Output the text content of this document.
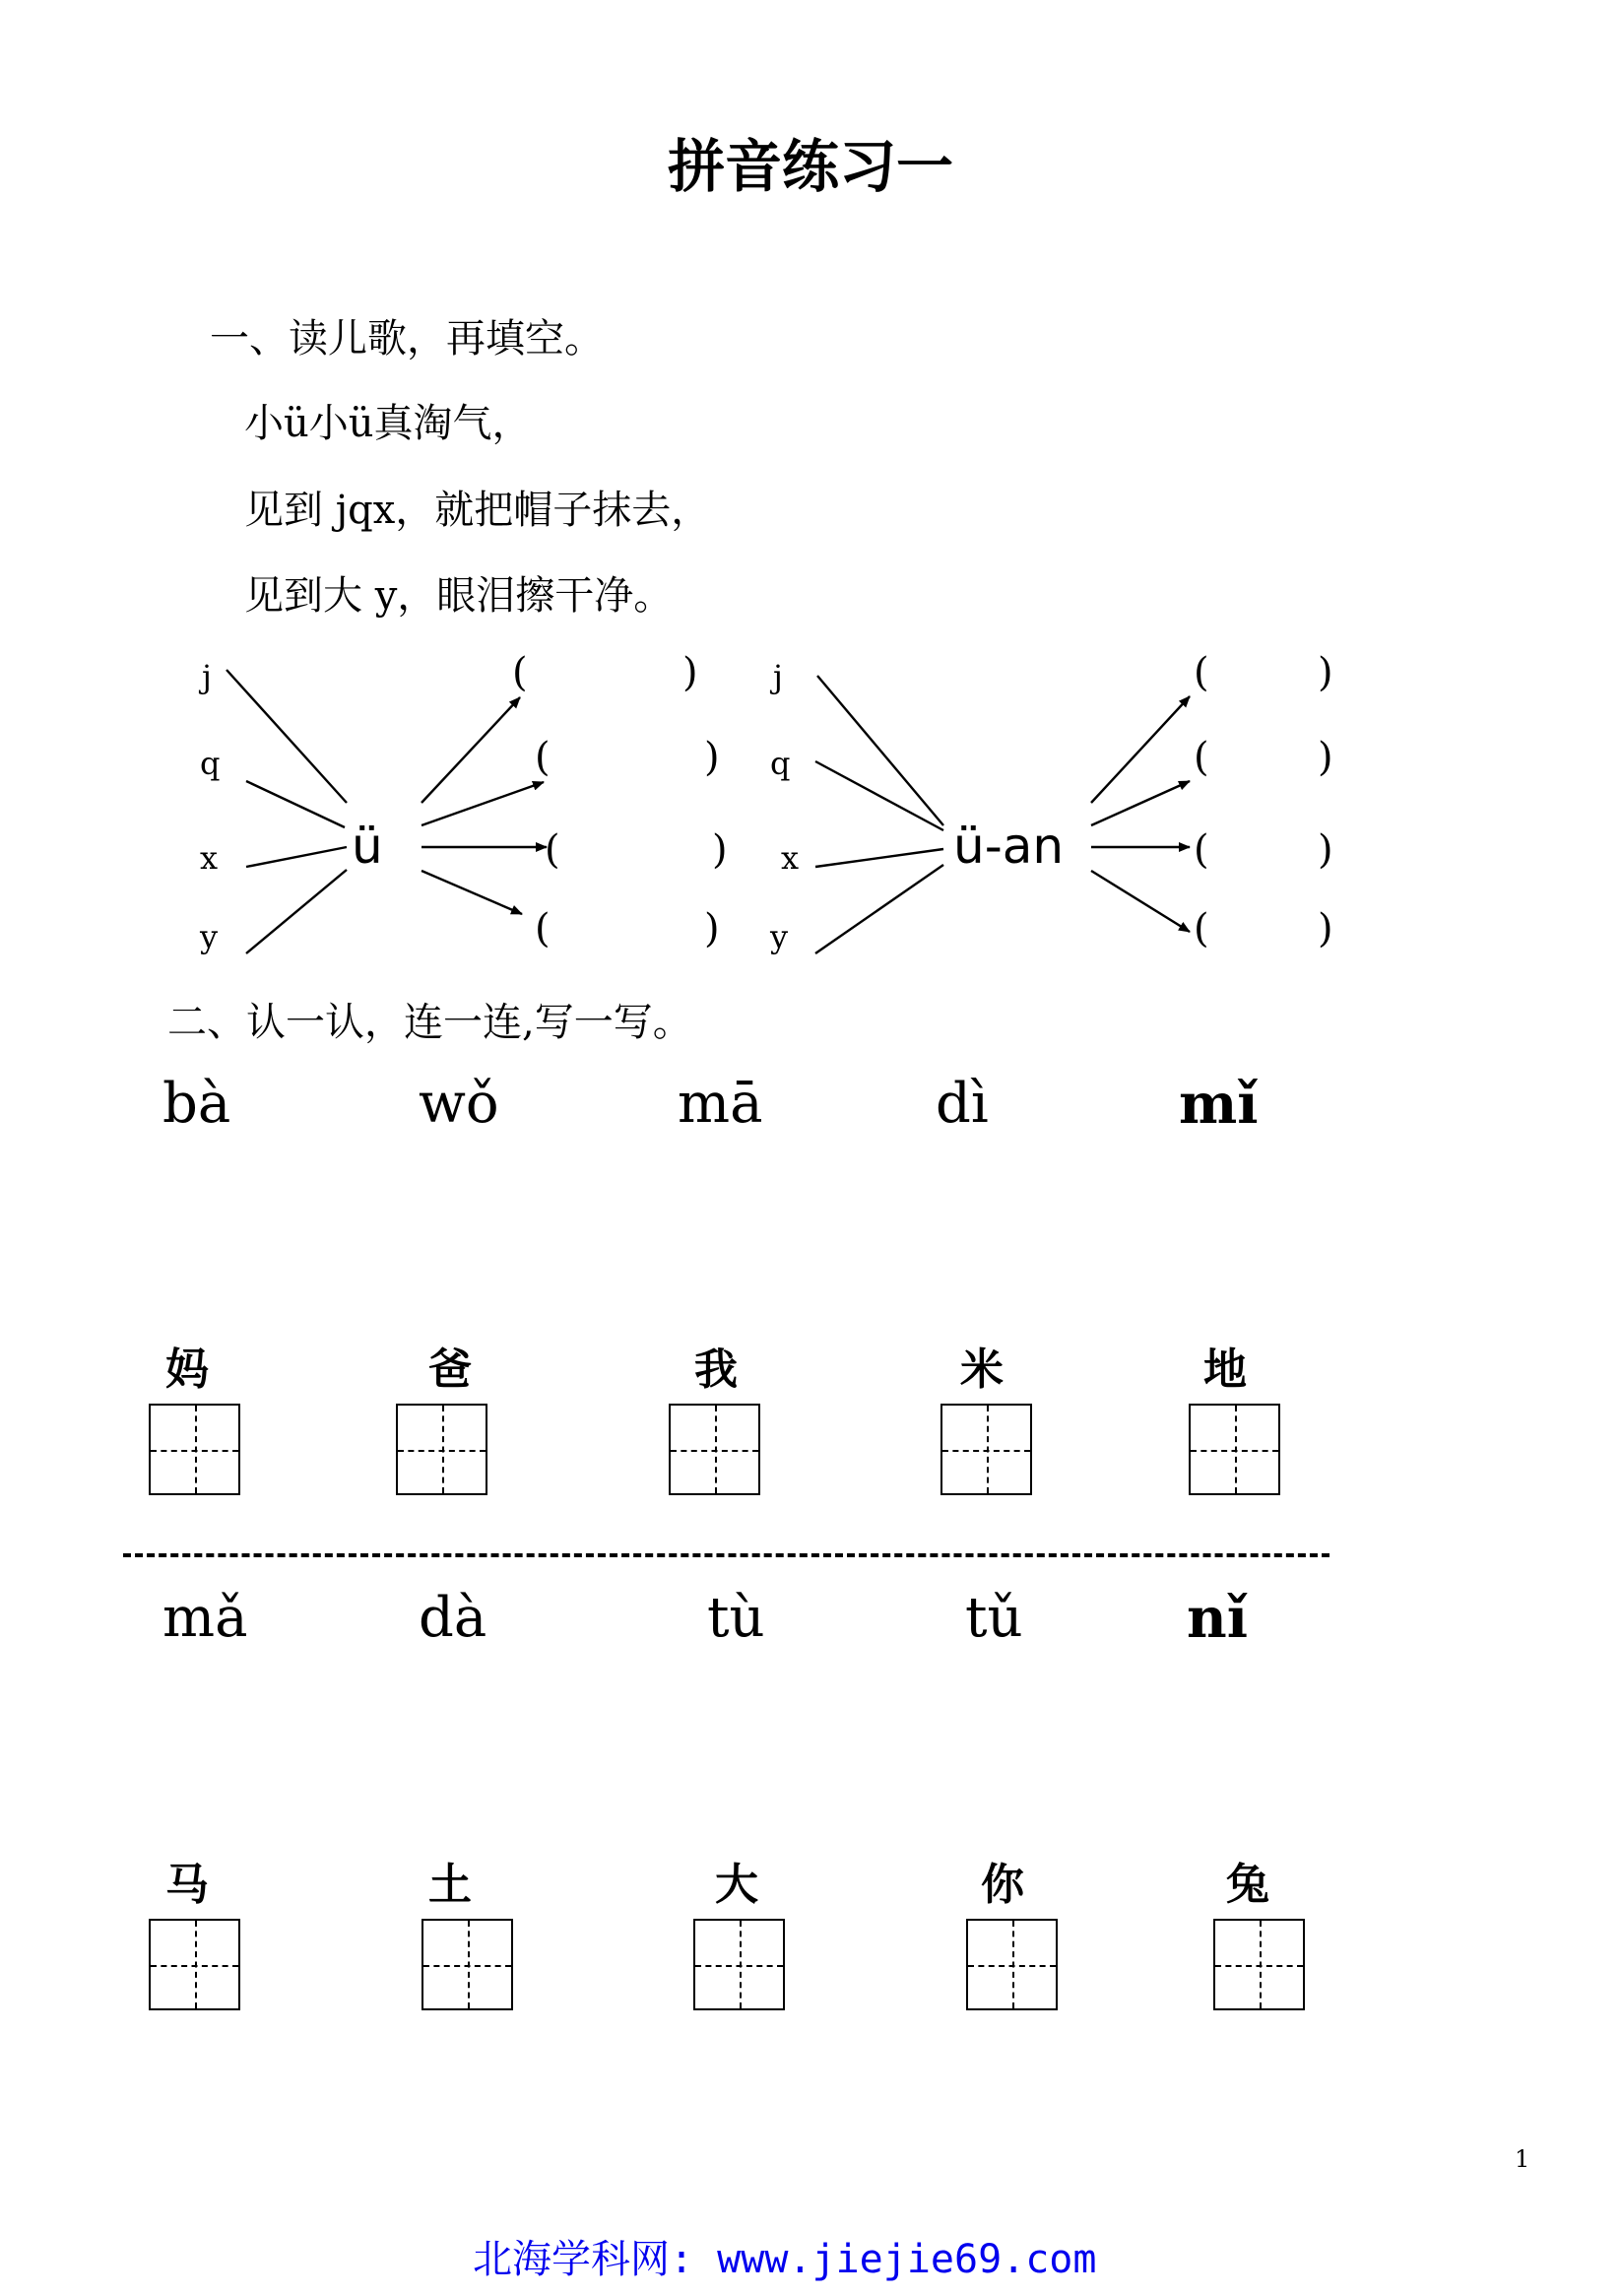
拼音练习一
一、读儿歌，再填空。
小ü小ü真淘气，
见到 jqx，就把帽子抹去，
见到大 y，眼泪擦干净。
j
q
x
y
ü
(	)
(	)
(	)
(	)
j
q
x
y
ü-an
(	)
(	)
(	)
(	)
二、认一认，连一连,写一写。
bà	wǒ	mā	dì	mǐ
妈	爸	我	米	地
mǎ	dà	tù	tǔ	nǐ
马	土	大	你	兔
1
北海学科网: www.jiejie69.com
